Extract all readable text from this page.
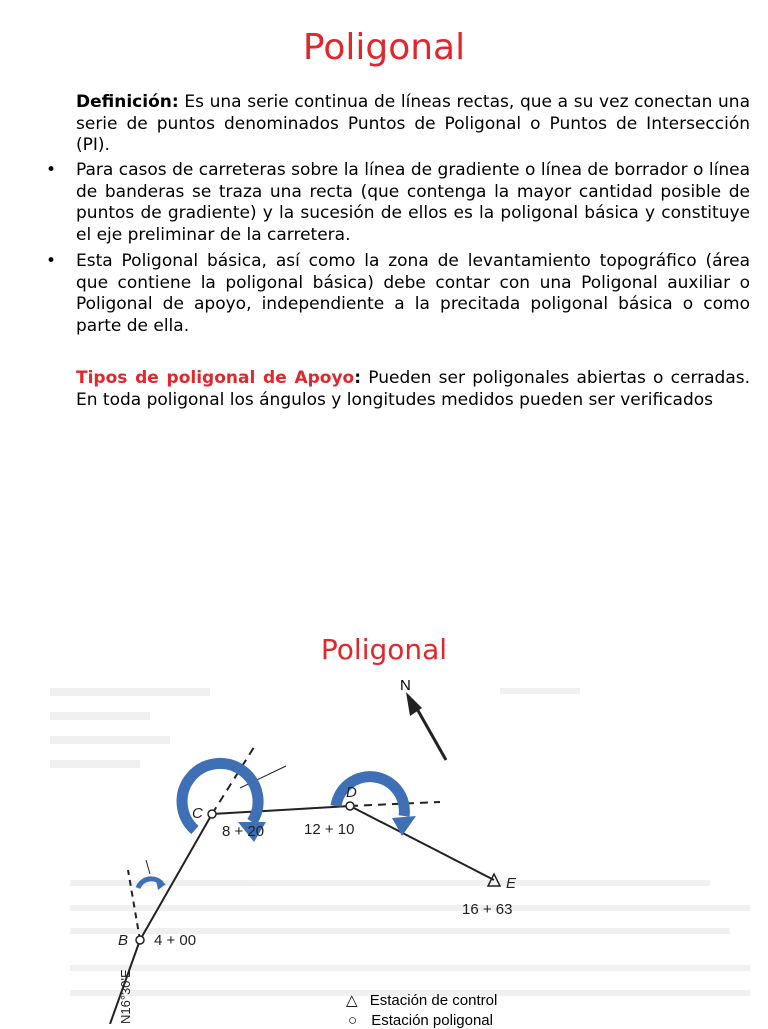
Poligonal

Definición: Es una serie continua de líneas rectas, que a su vez conectan una serie de puntos denominados Puntos de Poligonal o Puntos de Intersección (PI).

• Para casos de carreteras sobre la línea de gradiente o línea de borrador o línea de banderas se traza una recta (que contenga la mayor cantidad posible de puntos de gradiente) y la sucesión de ellos es la poligonal básica y constituye el eje preliminar de la carretera.

• Esta Poligonal básica, así como la zona de levantamiento topográfico (área que contiene la poligonal básica) debe contar con una Poligonal auxiliar o Poligonal de apoyo, independiente a la precitada poligonal básica o como parte de ella.

Tipos de poligonal de Apoyo: Pueden ser poligonales abiertas o cerradas. En toda poligonal los ángulos y longitudes medidos pueden ser verificados

Poligonal
N
C
8 + 20
D
12 + 10
E
16 + 63
B 4 + 00
N16°30'E	△ Estación de control
○ Estación poligonal
